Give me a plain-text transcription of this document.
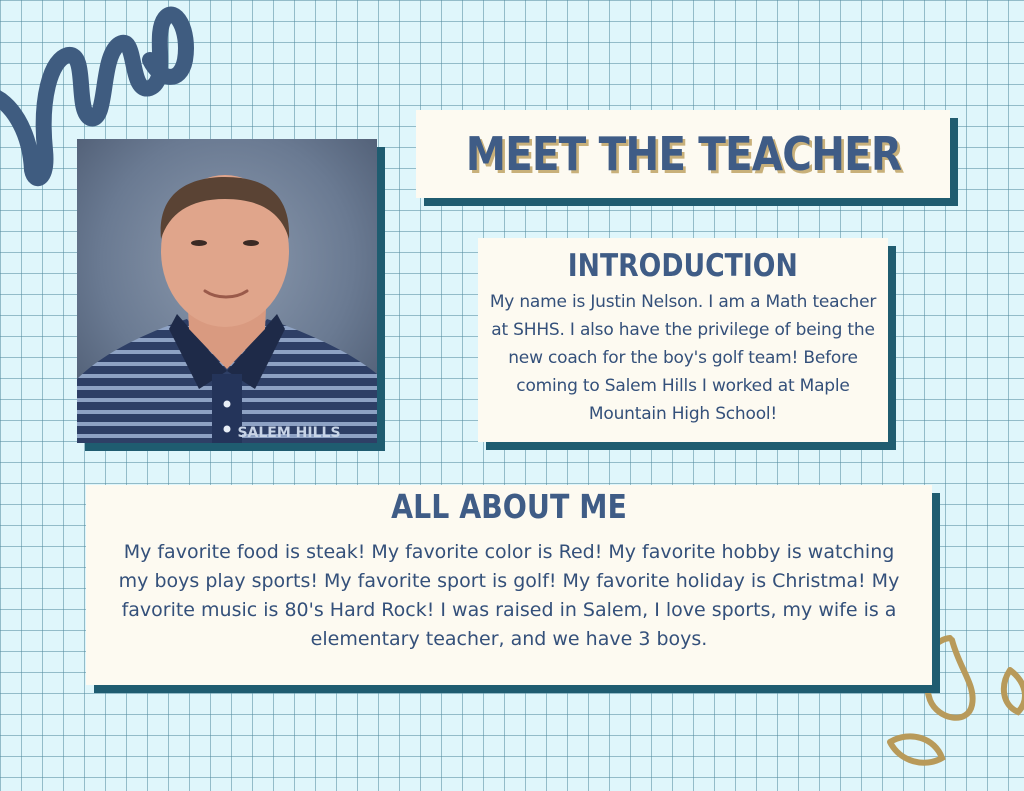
SALEM HILLS
MEET THE TEACHER
INTRODUCTION
My name is Justin Nelson. I am a Math teacher at SHHS. I also have the privilege of being the new coach for the boy's golf team! Before coming to Salem Hills I worked at Maple Mountain High School!
ALL ABOUT ME
My favorite food is steak! My favorite color is Red! My favorite hobby is watching my boys play sports! My favorite sport is golf! My favorite holiday is Christma! My favorite music is 80's Hard Rock! I was raised in Salem, I love sports, my wife is a elementary teacher, and we have 3 boys.
